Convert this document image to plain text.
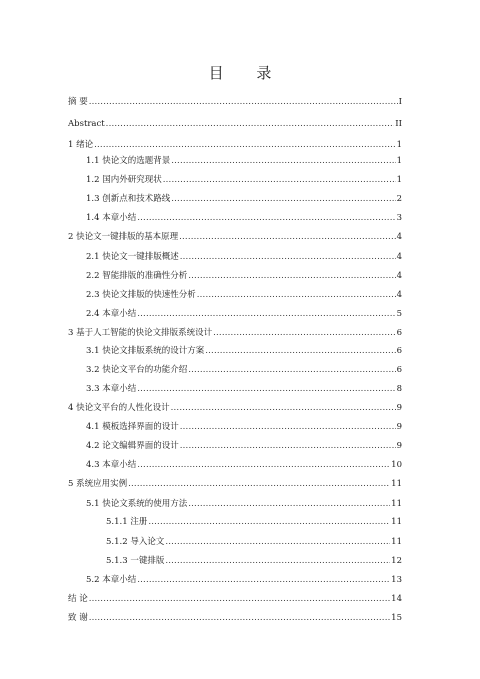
目 录
摘 要 .....	I
Abstract .....	II
1 绪论 .....	1
1.1 快论文的选题背景 .....	1
1.2 国内外研究现状 .....	1
1.3 创新点和技术路线 .....	2
1.4 本章小结 .....	3
2 快论文一键排版的基本原理 .....	4
2.1 快论文一键排版概述 .....	4
2.2 智能排版的准确性分析 .....	4
2.3 快论文排版的快速性分析 .....	4
2.4 本章小结 .....	5
3 基于人工智能的快论文排版系统设计 .....	6
3.1 快论文排版系统的设计方案 .....	6
3.2 快论文平台的功能介绍 .....	6
3.3 本章小结 .....	8
4 快论文平台的人性化设计 .....	9
4.1 模板选择界面的设计 .....	9
4.2 论文编辑界面的设计 .....	9
4.3 本章小结 .....	10
5 系统应用实例 .....	11
5.1 快论文系统的使用方法 .....	11
5.1.1 注册 .....	11
5.1.2 导入论文 .....	11
5.1.3 一键排版 .....	12
5.2 本章小结 .....	13
结 论 .....	14
致 谢 .....	15
